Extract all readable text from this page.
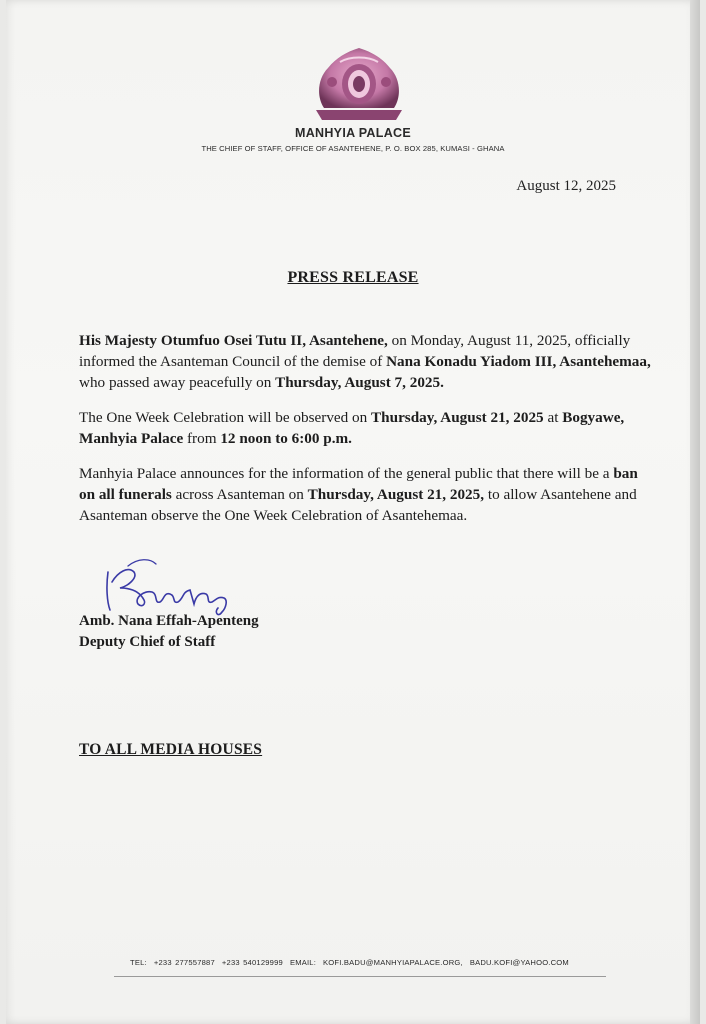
MANHYIA PALACE
THE CHIEF OF STAFF, OFFICE OF ASANTEHENE, P. O. BOX 285, KUMASI - GHANA
August 12, 2025
PRESS RELEASE
His Majesty Otumfuo Osei Tutu II, Asantehene, on Monday, August 11, 2025, officially informed the Asanteman Council of the demise of Nana Konadu Yiadom III, Asantehemaa, who passed away peacefully on Thursday, August 7, 2025.
The One Week Celebration will be observed on Thursday, August 21, 2025 at Bogyawe, Manhyia Palace from 12 noon to 6:00 p.m.
Manhyia Palace announces for the information of the general public that there will be a ban on all funerals across Asanteman on Thursday, August 21, 2025, to allow Asantehene and Asanteman observe the One Week Celebration of Asantehemaa.
Amb. Nana Effah-Apenteng
Deputy Chief of Staff
TO ALL MEDIA HOUSES
TEL: +233 277557887 +233 540129999 EMAIL: KOFI.BADU@MANHYIAPALACE.ORG, BADU.KOFI@YAHOO.COM
